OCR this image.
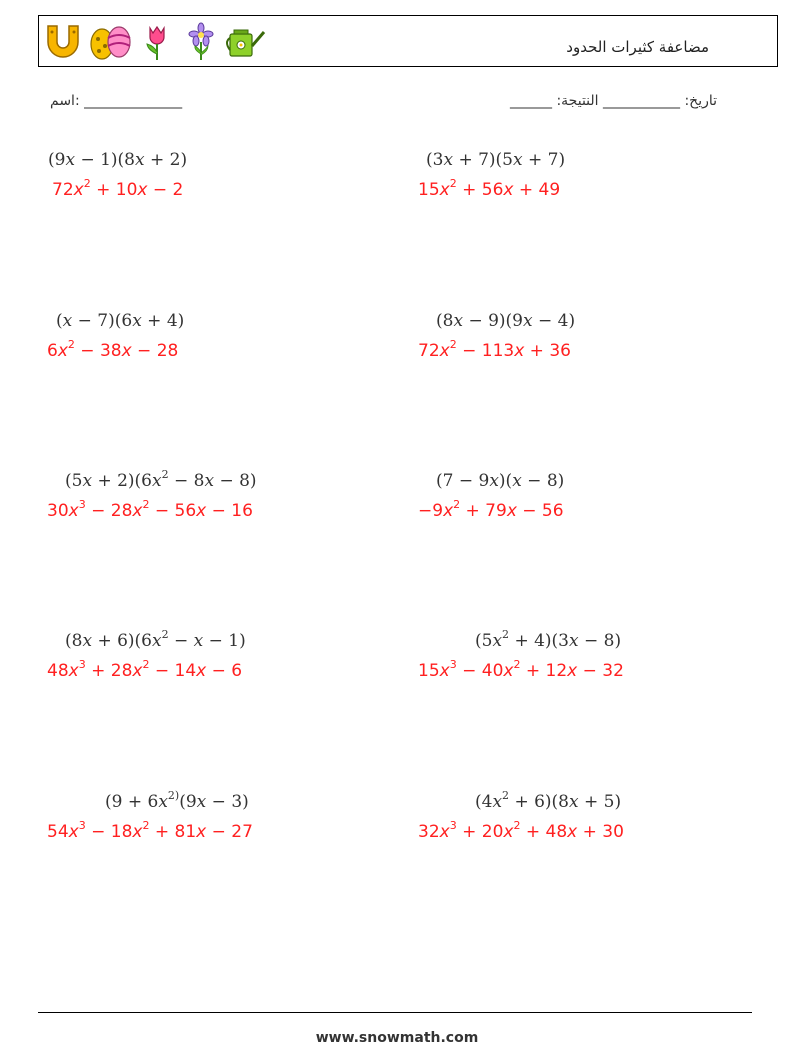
مضاعفة كثيرات الحدود
______ :تاريخ: ___________ النتيجة
اسم: ______________
(9x − 1)(8x + 2)
$72x^2 + 10x - 2$
(3x + 7)(5x + 7)
$15x^2 + 56x + 49$
(x − 7)(6x + 4)
$6x^2 - 38x - 28$
(8x − 9)(9x − 4)
$72x^2 - 113x + 36$
$(5x + 2)(6x^2 - 8x - 8)$
$30x^3 - 28x^2 - 56x - 16$
(7 − 9x)(x − 8)
$-9x^2 + 79x - 56$
$(8x + 6)(6x^2 - x - 1)$
$48x^3 + 28x^2 - 14x - 6$
$(5x^2 + 4)(3x - 8)$
$15x^3 - 40x^2 + 12x - 32$
($9 + 6x^{2)}(9x - 3)$
$54x^3 - 18x^2 + 81x - 27$
$(4x^2 + 6)(8x + 5)$
$32x^3 + 20x^2 + 48x + 30$
www.snowmath.com
